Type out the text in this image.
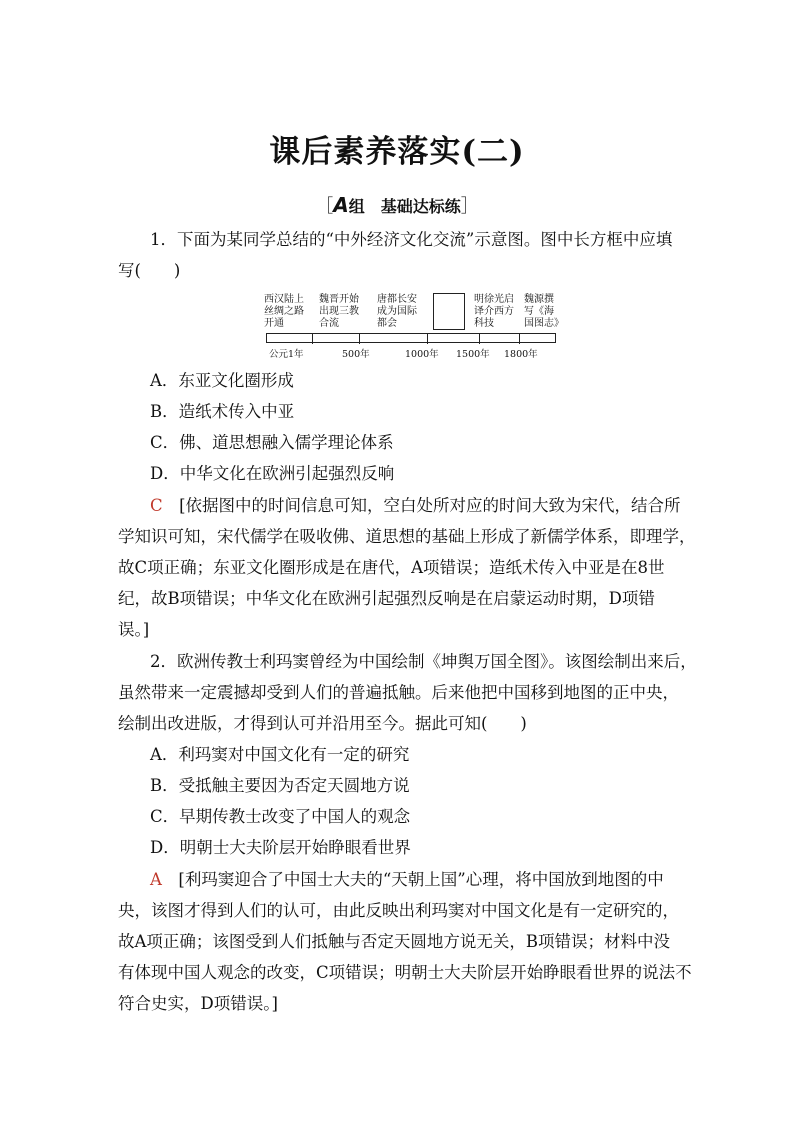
课后素养落实(二)
［A组　基础达标练］
1．下面为某同学总结的“中外经济文化交流”示意图。图中长方框中应填
写(　　)
西汉陆上
丝绸之路
开通
魏晋开始
出现三教
合流
唐都长安
成为国际
都会
明徐光启
译介西方
科技
魏源撰
写《海
国图志》
公元1年	500年	1000年 1500年 1800年
A．东亚文化圈形成
B．造纸术传入中亚
C．佛、道思想融入儒学理论体系
D．中华文化在欧洲引起强烈反响
C　 [依据图中的时间信息可知，空白处所对应的时间大致为宋代，结合所
学知识可知，宋代儒学在吸收佛、道思想的基础上形成了新儒学体系，即理学，
故C项正确；东亚文化圈形成是在唐代，A项错误；造纸术传入中亚是在8世
纪，故B项错误；中华文化在欧洲引起强烈反响是在启蒙运动时期，D项错
误。]
2．欧洲传教士利玛窦曾经为中国绘制《坤舆万国全图》。该图绘制出来后，
虽然带来一定震撼却受到人们的普遍抵触。后来他把中国移到地图的正中央，
绘制出改进版，才得到认可并沿用至今。据此可知(　　)
A．利玛窦对中国文化有一定的研究
B．受抵触主要因为否定天圆地方说
C．早期传教士改变了中国人的观念
D．明朝士大夫阶层开始睁眼看世界
A　 [利玛窦迎合了中国士大夫的“天朝上国”心理，将中国放到地图的中
央，该图才得到人们的认可，由此反映出利玛窦对中国文化是有一定研究的，
故A项正确；该图受到人们抵触与否定天圆地方说无关，B项错误；材料中没
有体现中国人观念的改变，C项错误；明朝士大夫阶层开始睁眼看世界的说法不
符合史实，D项错误。]
